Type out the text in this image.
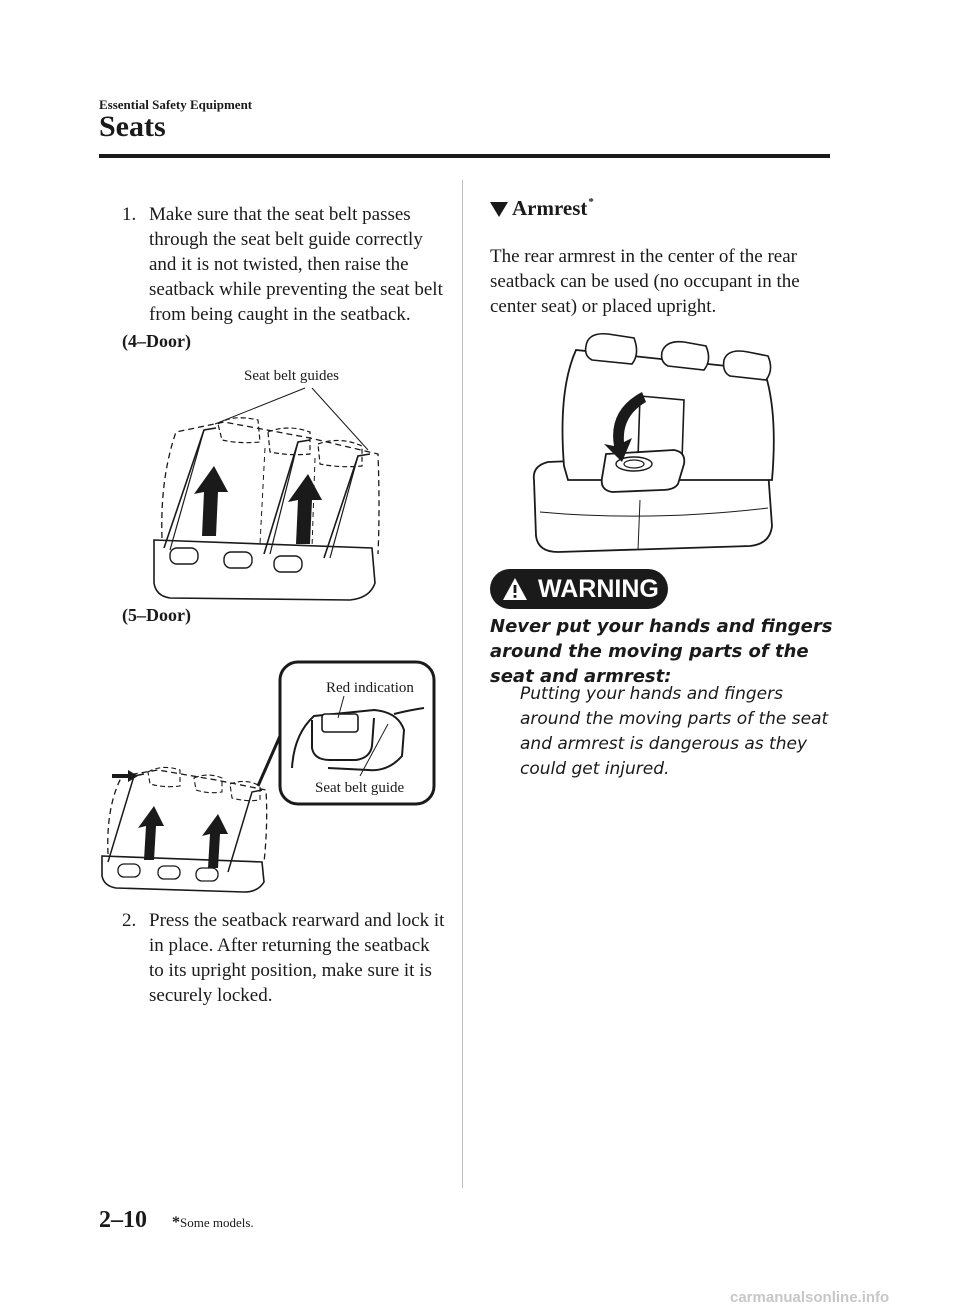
Essential Safety Equipment
Seats
1. Make sure that the seat belt passes through the seat belt guide correctly and it is not twisted, then raise the seatback while preventing the seat belt from being caught in the seatback.
(4–Door)
Seat belt guides
(5–Door)
Red indication
Seat belt guide
2. Press the seatback rearward and lock it in place. After returning the seatback to its upright position, make sure it is securely locked.
Armrest*
The rear armrest in the center of the rear seatback can be used (no occupant in the center seat) or placed upright.
WARNING
Never put your hands and fingers around the moving parts of the seat and armrest:
Putting your hands and fingers around the moving parts of the seat and armrest is dangerous as they could get injured.
2–10 *Some models.
carmanualsonline.info
